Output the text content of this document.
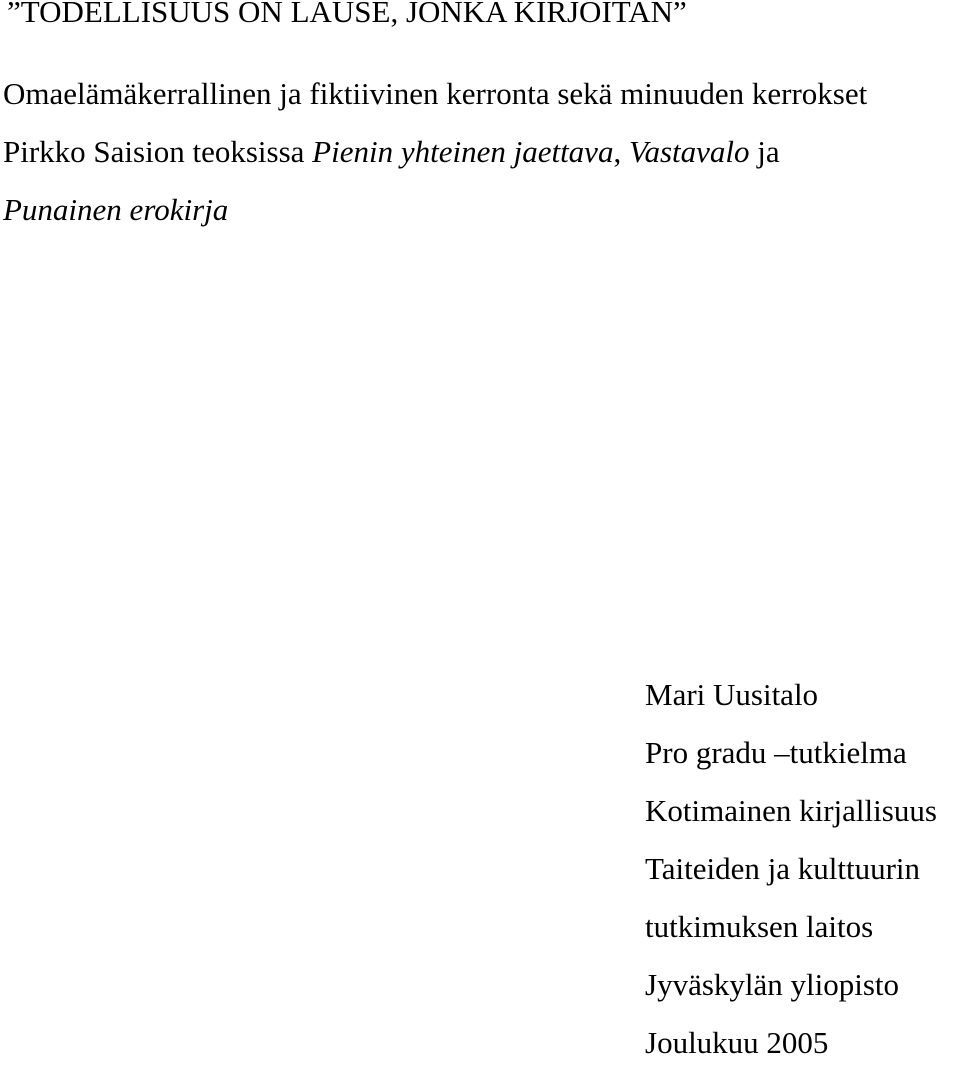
”TODELLISUUS ON LAUSE, JONKA KIRJOITAN”
Omaelämäkerrallinen ja fiktiivinen kerronta sekä minuuden kerrokset
Pirkko Saision teoksissa Pienin yhteinen jaettava, Vastavalo ja
Punainen erokirja
Mari Uusitalo
Pro gradu –tutkielma
Kotimainen kirjallisuus
Taiteiden ja kulttuurin
tutkimuksen laitos
Jyväskylän yliopisto
Joulukuu 2005
